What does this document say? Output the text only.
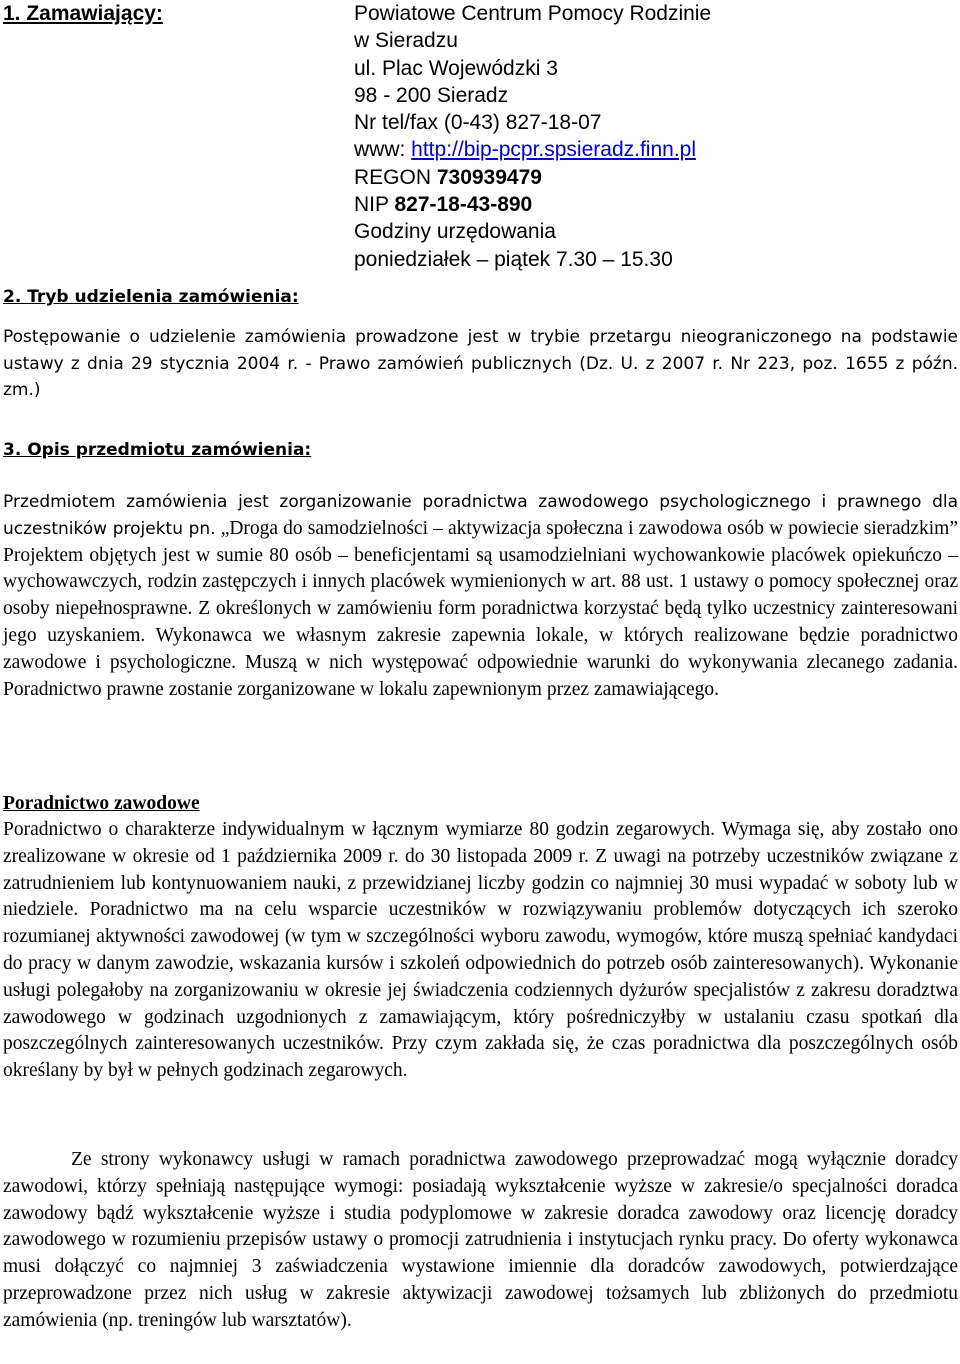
1. Zamawiający:	Powiatowe Centrum Pomocy Rodzinie
w Sieradzu
ul. Plac Wojewódzki 3
98 - 200 Sieradz
Nr tel/fax (0-43) 827-18-07
www: http://bip-pcpr.spsieradz.finn.pl
REGON 730939479
NIP 827-18-43-890
Godziny urzędowania
poniedziałek – piątek 7.30 – 15.30
2. Tryb udzielenia zamówienia:
Postępowanie o udzielenie zamówienia prowadzone jest w trybie przetargu nieograniczonego na podstawie ustawy z dnia 29 stycznia 2004 r. - Prawo zamówień publicznych (Dz. U. z 2007 r. Nr 223, poz. 1655 z późn. zm.)
3. Opis przedmiotu zamówienia:
Przedmiotem zamówienia jest zorganizowanie poradnictwa zawodowego psychologicznego i prawnego dla uczestników projektu pn. „Droga do samodzielności – aktywizacja społeczna i zawodowa osób w powiecie sieradzkim” Projektem objętych jest w sumie 80 osób – beneficjentami są usamodzielniani wychowankowie placówek opiekuńczo – wychowawczych, rodzin zastępczych i innych placówek wymienionych w art. 88 ust. 1 ustawy o pomocy społecznej oraz osoby niepełnosprawne. Z określonych w zamówieniu form poradnictwa korzystać będą tylko uczestnicy zainteresowani jego uzyskaniem. Wykonawca we własnym zakresie zapewnia lokale, w których realizowane będzie poradnictwo zawodowe i psychologiczne. Muszą w nich występować odpowiednie warunki do wykonywania zlecanego zadania. Poradnictwo prawne zostanie zorganizowane w lokalu zapewnionym przez zamawiającego.
Poradnictwo zawodowe
Poradnictwo o charakterze indywidualnym w łącznym wymiarze 80 godzin zegarowych. Wymaga się, aby zostało ono zrealizowane w okresie od 1 października 2009 r. do 30 listopada 2009 r. Z uwagi na potrzeby uczestników związane z zatrudnieniem lub kontynuowaniem nauki, z przewidzianej liczby godzin co najmniej 30 musi wypadać w soboty lub w niedziele. Poradnictwo ma na celu wsparcie uczestników w rozwiązywaniu problemów dotyczących ich szeroko rozumianej aktywności zawodowej (w tym w szczególności wyboru zawodu, wymogów, które muszą spełniać kandydaci do pracy w danym zawodzie, wskazania kursów i szkoleń odpowiednich do potrzeb osób zainteresowanych). Wykonanie usługi polegałoby na zorganizowaniu w okresie jej świadczenia codziennych dyżurów specjalistów z zakresu doradztwa zawodowego w godzinach uzgodnionych z zamawiającym, który pośredniczyłby w ustalaniu czasu spotkań dla poszczególnych zainteresowanych uczestników. Przy czym zakłada się, że czas poradnictwa dla poszczególnych osób określany by był w pełnych godzinach zegarowych.
Ze strony wykonawcy usługi w ramach poradnictwa zawodowego przeprowadzać mogą wyłącznie doradcy zawodowi, którzy spełniają następujące wymogi: posiadają wykształcenie wyższe w zakresie/o specjalności doradca zawodowy bądź wykształcenie wyższe i studia podyplomowe w zakresie doradca zawodowy oraz licencję doradcy zawodowego w rozumieniu przepisów ustawy o promocji zatrudnienia i instytucjach rynku pracy. Do oferty wykonawca musi dołączyć co najmniej 3 zaświadczenia wystawione imiennie dla doradców zawodowych, potwierdzające przeprowadzone przez nich usług w zakresie aktywizacji zawodowej tożsamych lub zbliżonych do przedmiotu zamówienia (np. treningów lub warsztatów).
